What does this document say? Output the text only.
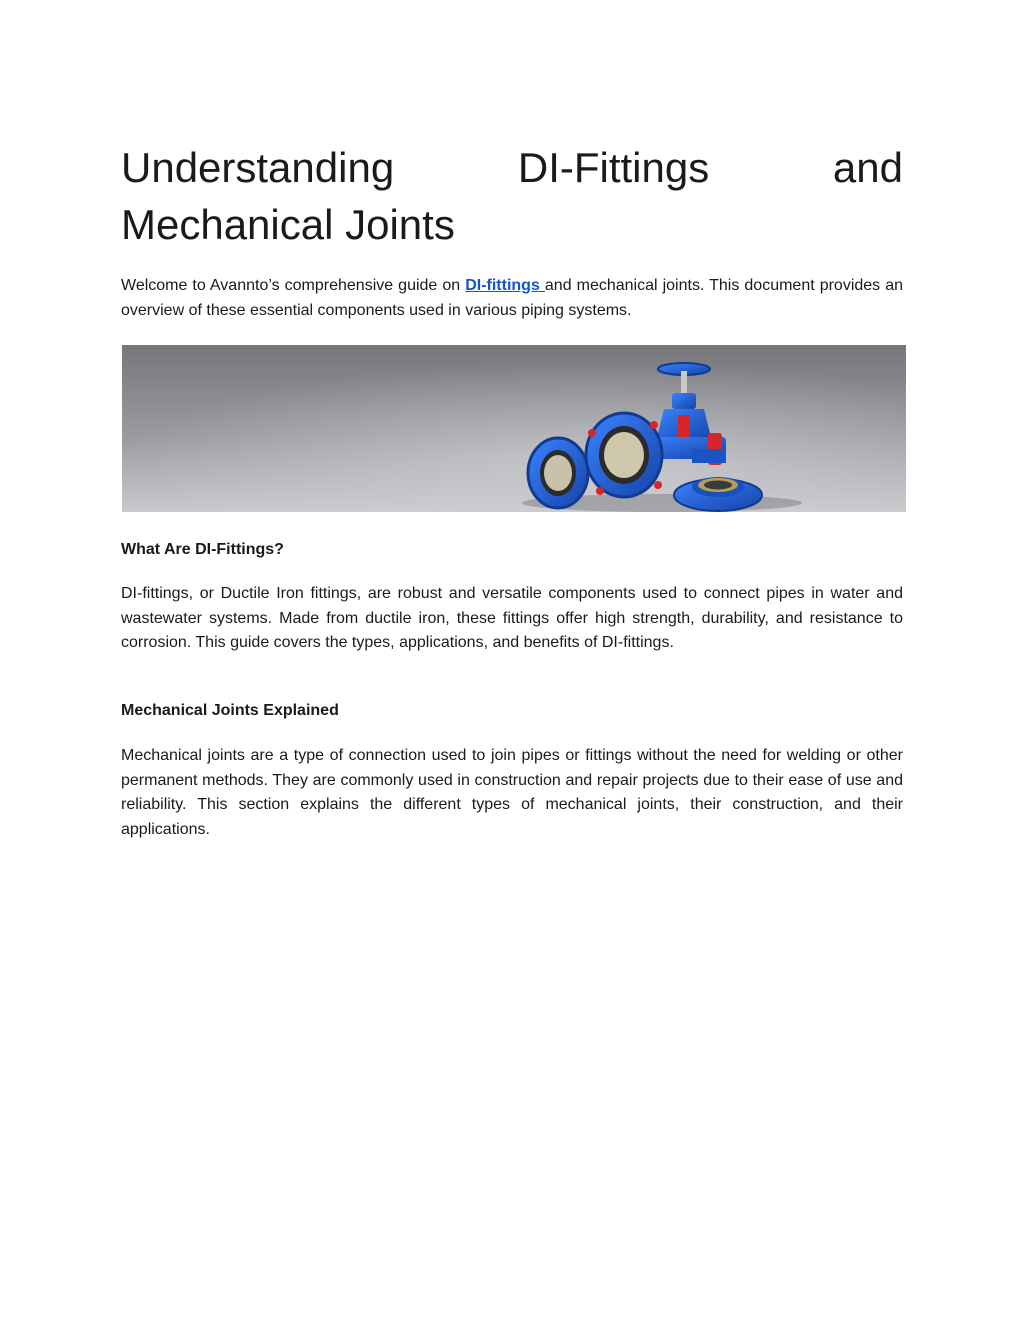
Understanding	DI-Fittings	and
Mechanical Joints

Welcome to Avannto’s comprehensive guide on DI-fittings and mechanical joints. This document provides an overview of these essential components used in various piping systems.

What Are DI-Fittings?

DI-fittings, or Ductile Iron fittings, are robust and versatile components used to connect pipes in water and wastewater systems. Made from ductile iron, these fittings offer high strength, durability, and resistance to corrosion. This guide covers the types, applications, and benefits of DI-fittings.

Mechanical Joints Explained

Mechanical joints are a type of connection used to join pipes or fittings without the need for welding or other permanent methods. They are commonly used in construction and repair projects due to their ease of use and reliability. This section explains the different types of mechanical joints, their construction, and their applications.
